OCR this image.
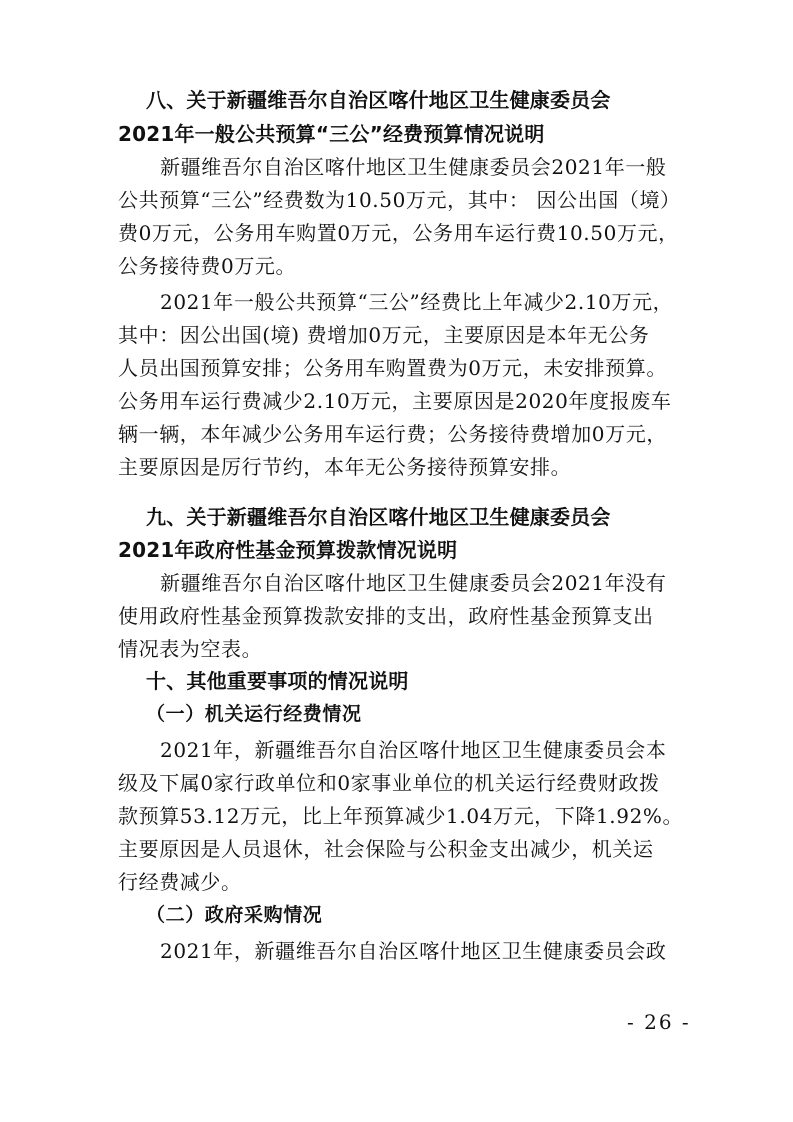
八、关于新疆维吾尔自治区喀什地区卫生健康委员会

2021年一般公共预算“三公”经费预算情况说明

新疆维吾尔自治区喀什地区卫生健康委员会2021年一般

公共预算“三公”经费数为10.50万元，其中： 因公出国（境）

费0万元，公务用车购置0万元，公务用车运行费10.50万元，

公务接待费0万元。

2021年一般公共预算“三公”经费比上年减少2.10万元，

其中：因公出国(境) 费增加0万元，主要原因是本年无公务

人员出国预算安排；公务用车购置费为0万元，未安排预算。

公务用车运行费减少2.10万元，主要原因是2020年度报废车

辆一辆，本年减少公务用车运行费；公务接待费增加0万元，

主要原因是厉行节约，本年无公务接待预算安排。

九、关于新疆维吾尔自治区喀什地区卫生健康委员会

2021年政府性基金预算拨款情况说明

新疆维吾尔自治区喀什地区卫生健康委员会2021年没有

使用政府性基金预算拨款安排的支出，政府性基金预算支出

情况表为空表。

十、其他重要事项的情况说明

（一）机关运行经费情况

2021年，新疆维吾尔自治区喀什地区卫生健康委员会本

级及下属0家行政单位和0家事业单位的机关运行经费财政拨

款预算53.12万元，比上年预算减少1.04万元，下降1.92%。

主要原因是人员退休，社会保险与公积金支出减少，机关运

行经费减少。

（二）政府采购情况

2021年，新疆维吾尔自治区喀什地区卫生健康委员会政

- 26 -
